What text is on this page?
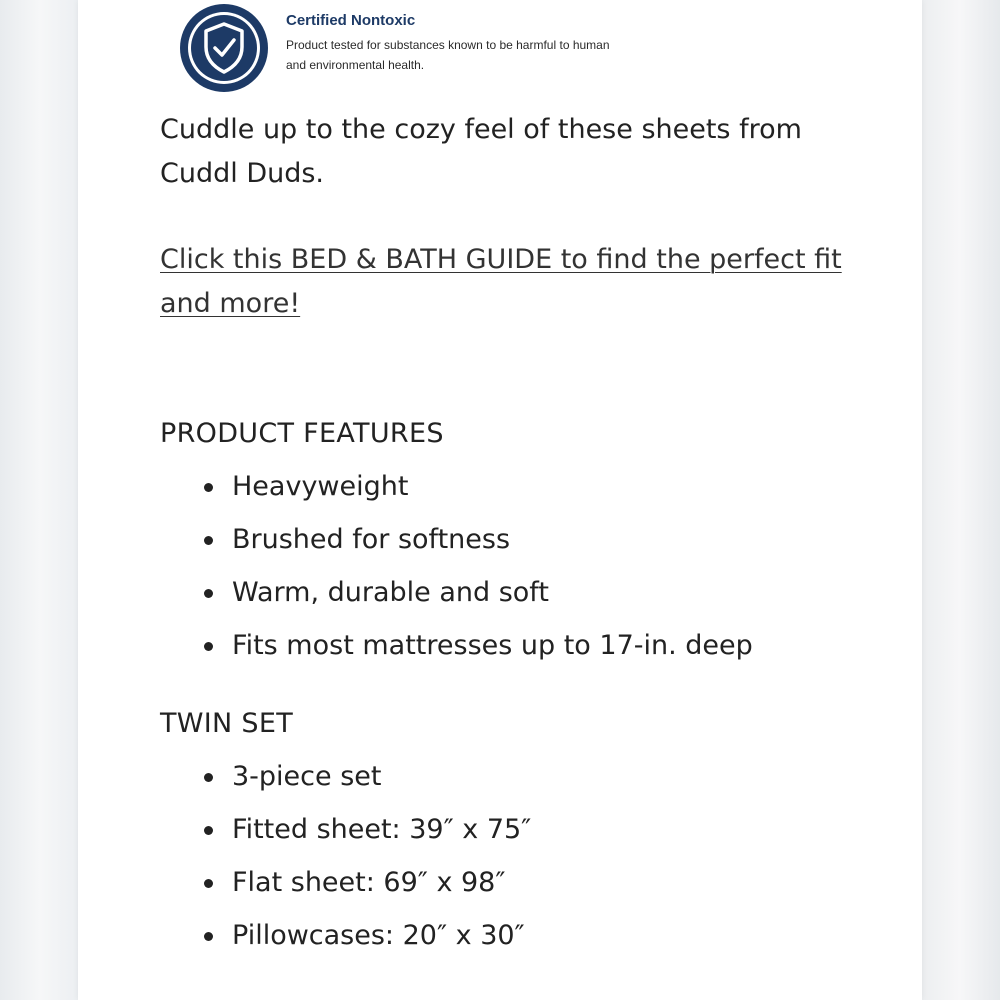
Certified Nontoxic
Product tested for substances known to be harmful to human and environmental health.

Cuddle up to the cozy feel of these sheets from Cuddl Duds.

Click this BED & BATH GUIDE to find the perfect fit and more!
PRODUCT FEATURES
Heavyweight
Brushed for softness
Warm, durable and soft
Fits most mattresses up to 17-in. deep
TWIN SET
3-piece set
Fitted sheet: 39″ x 75″
Flat sheet: 69″ x 98″
Pillowcases: 20″ x 30″
